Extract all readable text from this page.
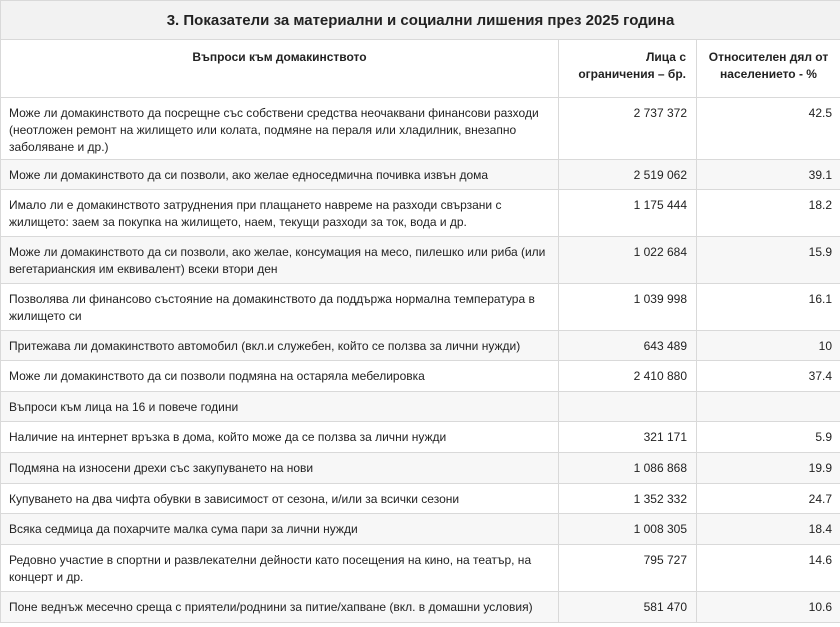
3. Показатели за материални и социални лишения през 2025 година		
Въпроси към домакинството	Лица с ограничения – бр.	Относителен дял от населението - %
Може ли домакинството да посрещне със собствени средства неочаквани финансови разходи (неотложен ремонт на жилището или колата, подмяне на пераля или хладилник, внезапно заболяване и др.)	2 737 372	42.5
Може ли домакинството да си позволи, ако желае едноседмична почивка извън дома	2 519 062	39.1
Имало ли е домакинството затруднения при плащането навреме на разходи свързани с жилището: заем за покупка на жилището, наем, текущи разходи за ток, вода и др.	1 175 444	18.2
Може ли домакинството да си позволи, ако желае, консумация на месо, пилешко или риба (или вегетарианския им еквивалент) всеки втори ден	1 022 684	15.9
Позволява ли финансово състояние на домакинството да поддържа нормална температура в жилището си	1 039 998	16.1
Притежава ли домакинството автомобил (вкл.и служебен, който се ползва за лични нужди)	643 489	10
Може ли домакинството да си позволи подмяна на остаряла мебелировка	2 410 880	37.4
Въпроси към лица на 16 и повече години		
Наличие на интернет връзка в дома, който може да се ползва за лични нужди	321 171	5.9
Подмяна на износени дрехи със закупуването на нови	1 086 868	19.9
Купуването на два чифта обувки в зависимост от сезона, и/или за всички сезони	1 352 332	24.7
Всяка седмица да похарчите малка сума пари за лични нужди	1 008 305	18.4
Редовно участие в спортни и развлекателни дейности като посещения на кино, на театър, на концерт и др.	795 727	14.6
Поне веднъж месечно среща с приятели/роднини за питие/хапване (вкл. в домашни условия)	581 470	10.6
